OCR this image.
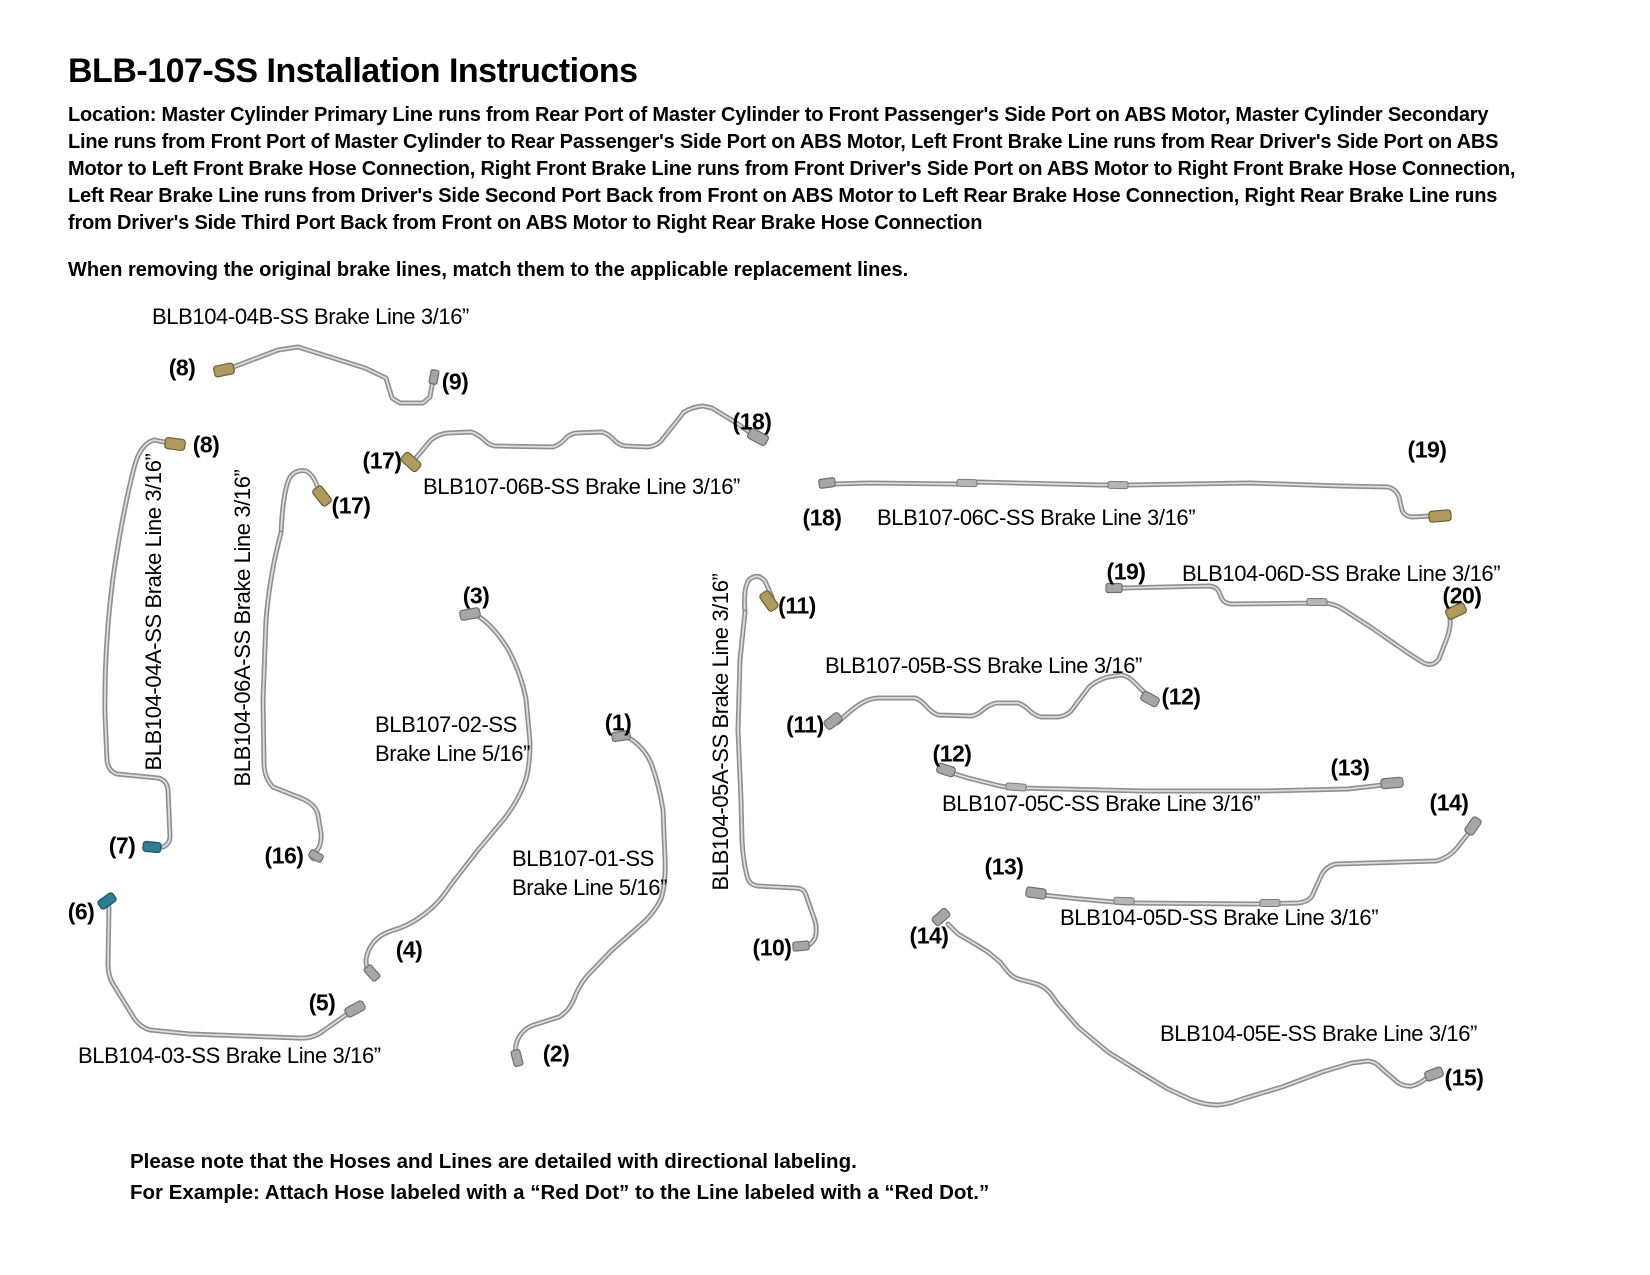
BLB-107-SS Installation Instructions
Location: Master Cylinder Primary Line runs from Rear Port of Master Cylinder to Front Passenger's Side Port on ABS Motor, Master Cylinder Secondary Line runs from Front Port of Master Cylinder to Rear Passenger's Side Port on ABS Motor, Left Front Brake Line runs from Rear Driver's Side Port on ABS Motor to Left Front Brake Hose Connection, Right Front Brake Line runs from Front Driver's Side Port on ABS Motor to Right Front Brake Hose Connection, Left Rear Brake Line runs from Driver's Side Second Port Back from Front on ABS Motor to Left Rear Brake Hose Connection, Right Rear Brake Line runs from Driver's Side Third Port Back from Front on ABS Motor to Right Rear Brake Hose Connection
When removing the original brake lines, match them to the applicable replacement lines.
BLB104-04B-SS Brake Line 3/16”
BLB104-04A-SS Brake Line 3/16”	BLB104-06A-SS Brake Line 3/16”	BLB107-06B-SS Brake Line 3/16”
BLB107-06C-SS Brake Line 3/16”
BLB104-06D-SS Brake Line 3/16”
BLB104-05A-SS Brake Line 3/16”	BLB107-05B-SS Brake Line 3/16”
BLB107-05C-SS Brake Line 3/16”
BLB104-05D-SS Brake Line 3/16”
BLB104-05E-SS Brake Line 3/16”
BLB107-02-SS
Brake Line 5/16”
BLB107-01-SS
Brake Line 5/16”
BLB104-03-SS Brake Line 3/16”
(8)
(9)
(8)
(7)
(17)
(16)
(17)
(18)
(18)
(19)
(19)
(20)
(11)
(10)
(11)
(12)
(12)
(13)
(13)
(14)
(14)
(15)
(3)
(4)
(1)
(2)
(6)
(5)
Please note that the Hoses and Lines are detailed with directional labeling.
For Example: Attach Hose labeled with a “Red Dot” to the Line labeled with a “Red Dot.”
